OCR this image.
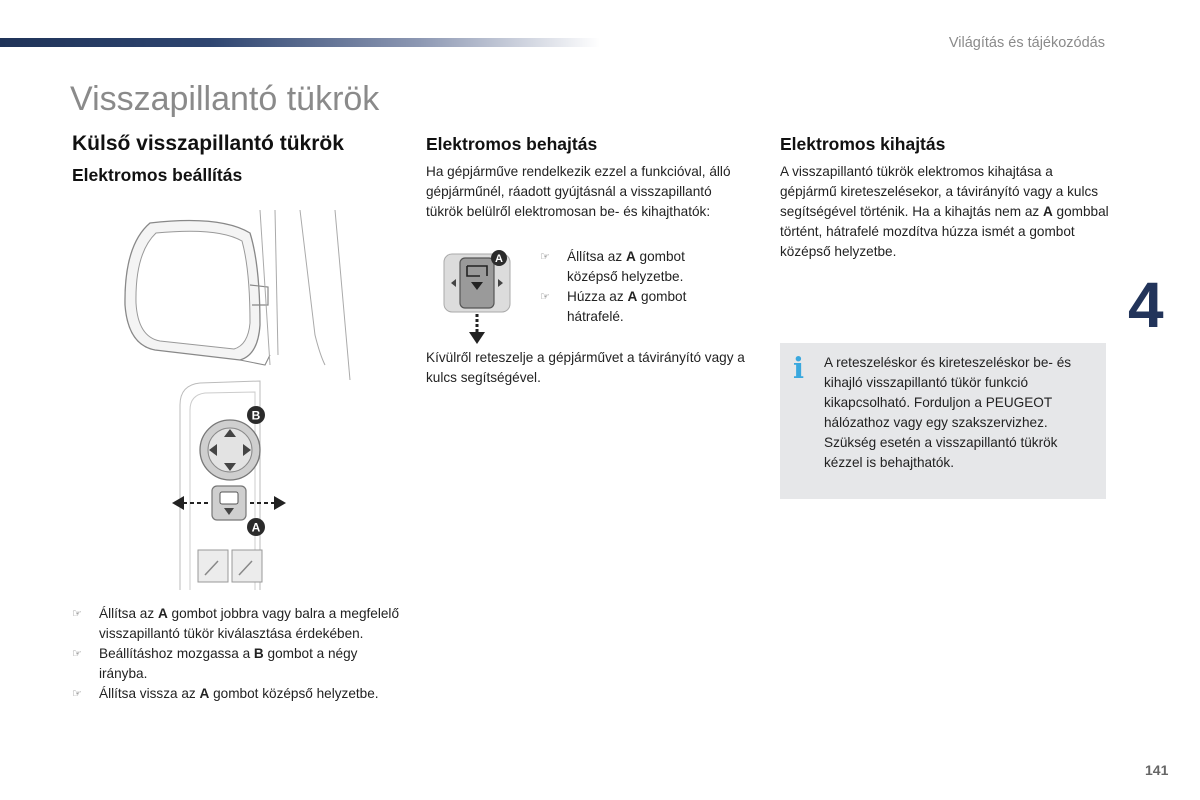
Világítás és tájékozódás
Visszapillantó tükrök
Külső visszapillantó tükrök
Elektromos beállítás
B
A
☞ Állítsa az A gombot jobbra vagy balra a megfelelő visszapillantó tükör kiválasztása érdekében.
☞ Beállításhoz mozgassa a B gombot a négy irányba.
☞ Állítsa vissza az A gombot középső helyzetbe.
Elektromos behajtás

Ha gépjárműve rendelkezik ezzel a funkcióval, álló gépjárműnél, ráadott gyújtásnál a visszapillantó tükrök belülről elektromosan be- és kihajthatók:

A	☞ Állítsa az A gombot középső helyzetbe.
☞ Húzza az A gombot hátrafelé.

Kívülről reteszelje a gépjárművet a távirányító vagy a kulcs segítségével.

Elektromos kihajtás

A visszapillantó tükrök elektromos kihajtása a gépjármű kireteszelésekor, a távirányító vagy a kulcs segítségével történik. Ha a kihajtás nem az A gombbal történt, hátrafelé mozdítva húzza ismét a gombot középső helyzetbe.

i A reteszeléskor és kireteszeléskor be- és kihajló visszapillantó tükör funkció kikapcsolható. Forduljon a PEUGEOT hálózathoz vagy egy szakszervizhez. Szükség esetén a visszapillantó tükrök kézzel is behajthatók.

4
141
